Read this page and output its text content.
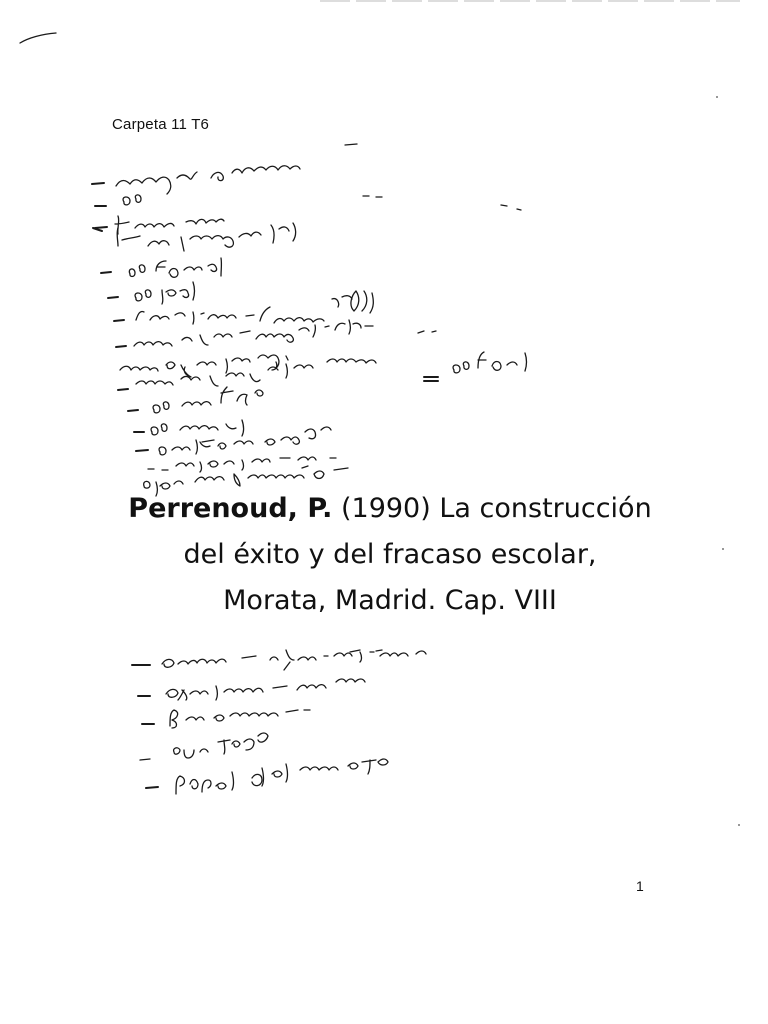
Carpeta 11 T6
Perrenoud, P. (1990) La construcción
del éxito y del fracaso escolar,
Morata, Madrid. Cap. VIII
1
